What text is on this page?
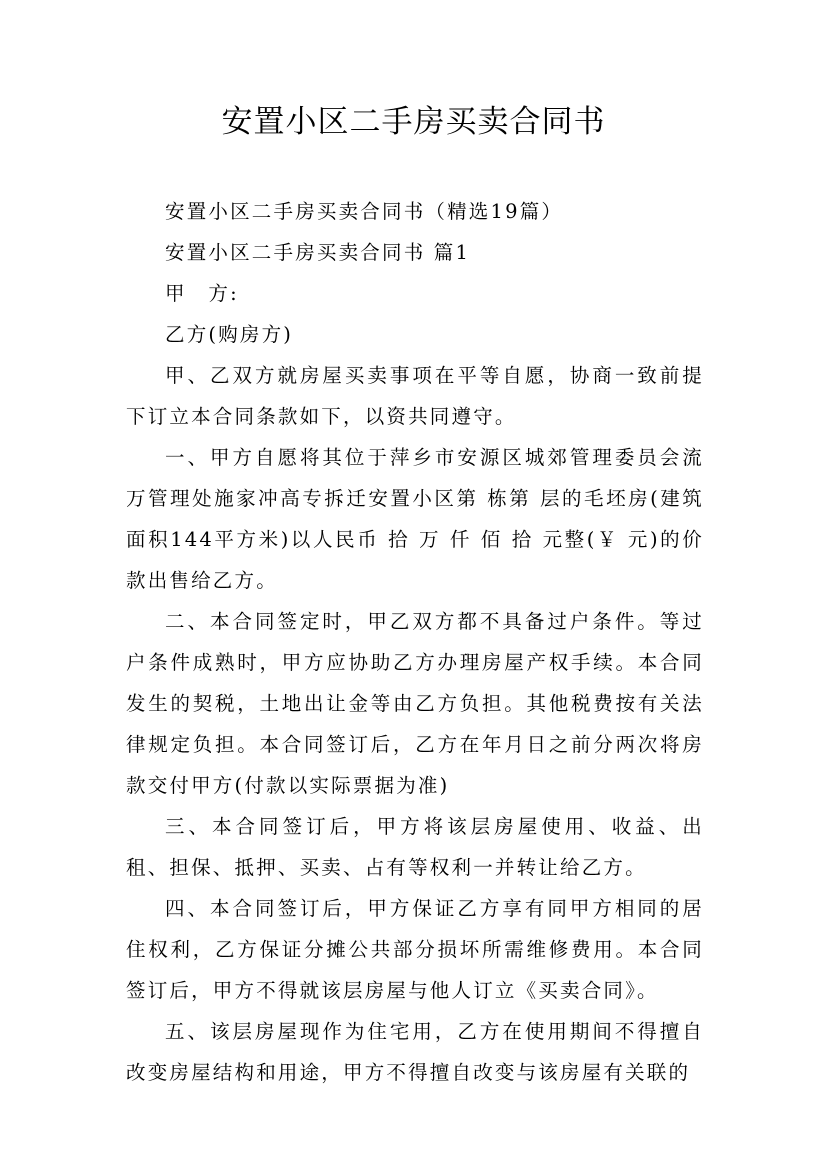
安置小区二手房买卖合同书

安置小区二手房买卖合同书（精选19篇）

安置小区二手房买卖合同书 篇1

甲　方:

乙方(购房方)

甲、乙双方就房屋买卖事项在平等自愿，协商一致前提下订立本合同条款如下，以资共同遵守。

一、甲方自愿将其位于萍乡市安源区城郊管理委员会流万管理处施家冲高专拆迁安置小区第 栋第 层的毛坯房(建筑面积144平方米)以人民币 拾 万 仟 佰 拾 元整(￥ 元)的价款出售给乙方。

二、本合同签定时，甲乙双方都不具备过户条件。等过户条件成熟时，甲方应协助乙方办理房屋产权手续。本合同发生的契税，土地出让金等由乙方负担。其他税费按有关法律规定负担。本合同签订后，乙方在年月日之前分两次将房款交付甲方(付款以实际票据为准)

三、本合同签订后，甲方将该层房屋使用、收益、出租、担保、抵押、买卖、占有等权利一并转让给乙方。

四、本合同签订后，甲方保证乙方享有同甲方相同的居住权利，乙方保证分摊公共部分损坏所需维修费用。本合同签订后，甲方不得就该层房屋与他人订立《买卖合同》。

五、该层房屋现作为住宅用，乙方在使用期间不得擅自改变房屋结构和用途，甲方不得擅自改变与该房屋有关联的
